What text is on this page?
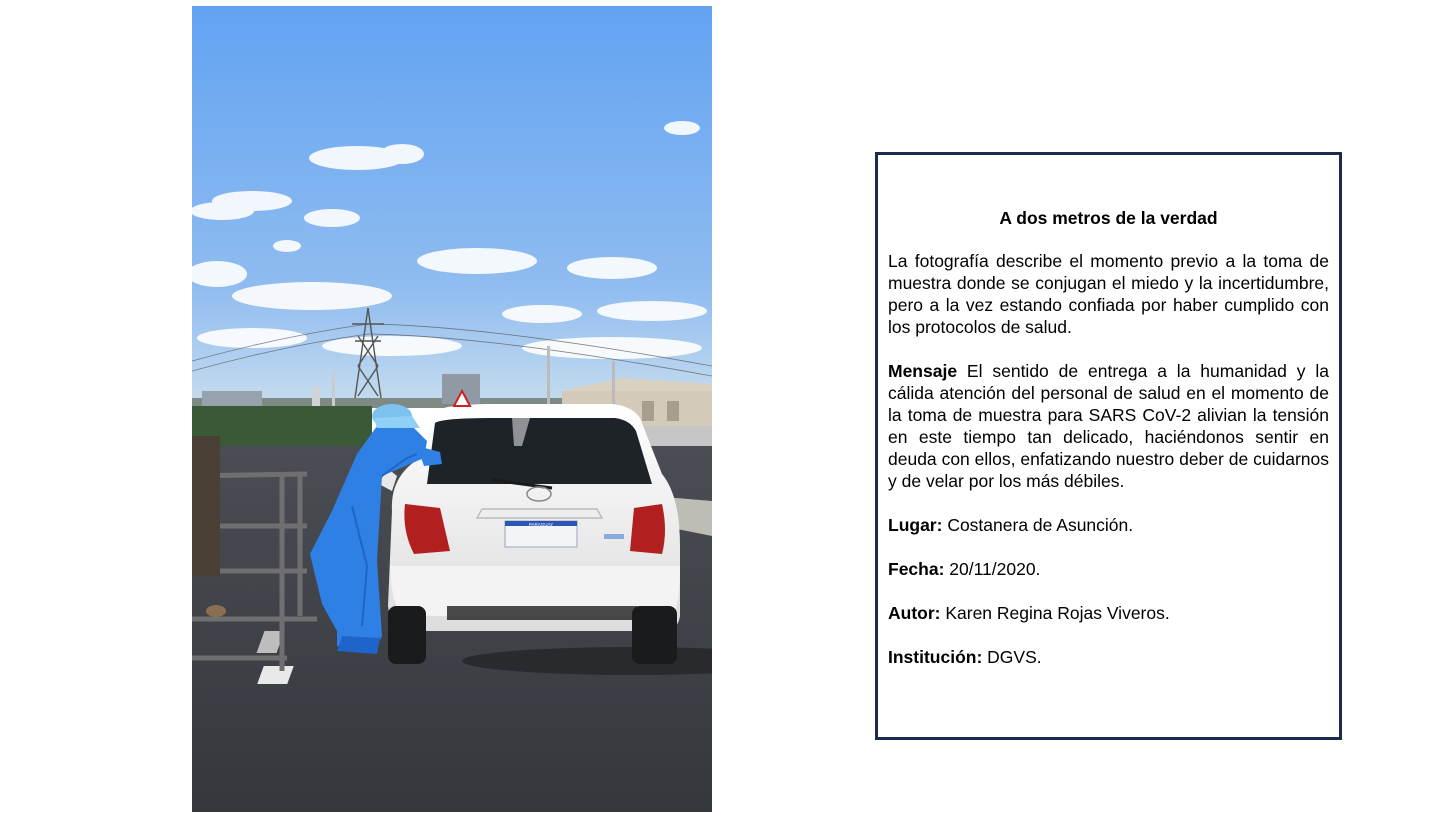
PARAGUAY
A dos metros de la verdad

La fotografía describe el momento previo a la toma de muestra donde se conjugan el miedo y la incertidumbre, pero a la vez estando confiada por haber cumplido con los protocolos de salud.

Mensaje El sentido de entrega a la humanidad y la cálida atención del personal de salud en el momento de la toma de muestra para SARS CoV-2 alivian la tensión en este tiempo tan delicado, haciéndonos sentir en deuda con ellos, enfatizando nuestro deber de cuidarnos y de velar por los más débiles.

Lugar: Costanera de Asunción.

Fecha: 20/11/2020.

Autor: Karen Regina Rojas Viveros.

Institución: DGVS.
